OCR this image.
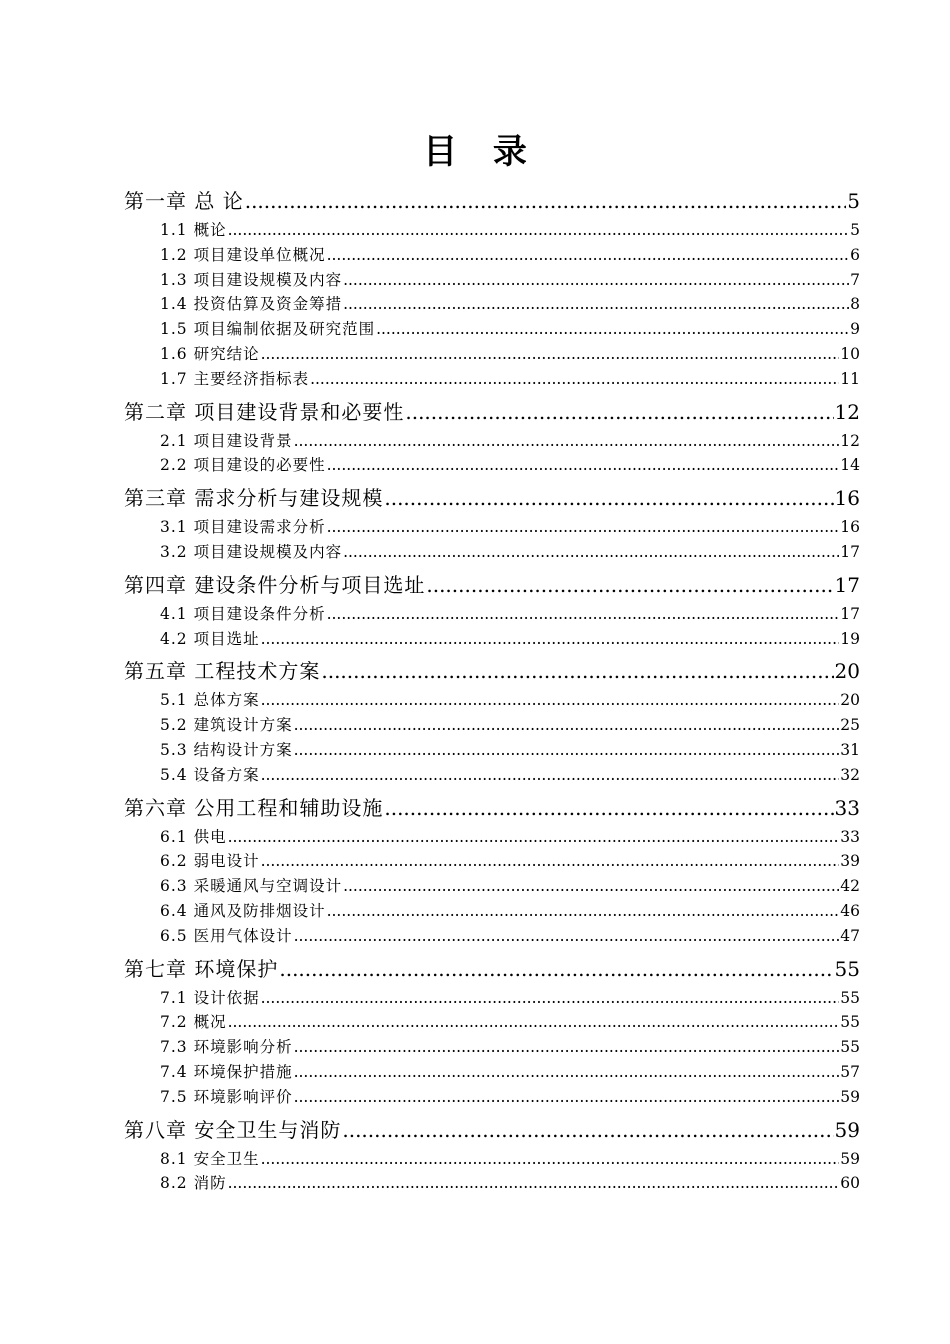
目 录
第一章 总 论 .....	5
1.1 概论 .....	5
1.2 项目建设单位概况 .....	6
1.3 项目建设规模及内容 .....	7
1.4 投资估算及资金筹措 .....	8
1.5 项目编制依据及研究范围 .....	9
1.6 研究结论 .....	10
1.7 主要经济指标表 .....	11
第二章 项目建设背景和必要性 .....	12
2.1 项目建设背景 .....	12
2.2 项目建设的必要性 .....	14
第三章 需求分析与建设规模 .....	16
3.1 项目建设需求分析 .....	16
3.2 项目建设规模及内容 .....	17
第四章 建设条件分析与项目选址 .....	17
4.1 项目建设条件分析 .....	17
4.2 项目选址 .....	19
第五章 工程技术方案 .....	20
5.1 总体方案 .....	20
5.2 建筑设计方案 .....	25
5.3 结构设计方案 .....	31
5.4 设备方案 .....	32
第六章 公用工程和辅助设施 .....	33
6.1 供电 .....	33
6.2 弱电设计 .....	39
6.3 采暖通风与空调设计 .....	42
6.4 通风及防排烟设计 .....	46
6.5 医用气体设计 .....	47
第七章 环境保护 .....	55
7.1 设计依据 .....	55
7.2 概况 .....	55
7.3 环境影响分析 .....	55
7.4 环境保护措施 .....	57
7.5 环境影响评价 .....	59
第八章 安全卫生与消防 .....	59
8.1 安全卫生 .....	59
8.2 消防 .....	60
